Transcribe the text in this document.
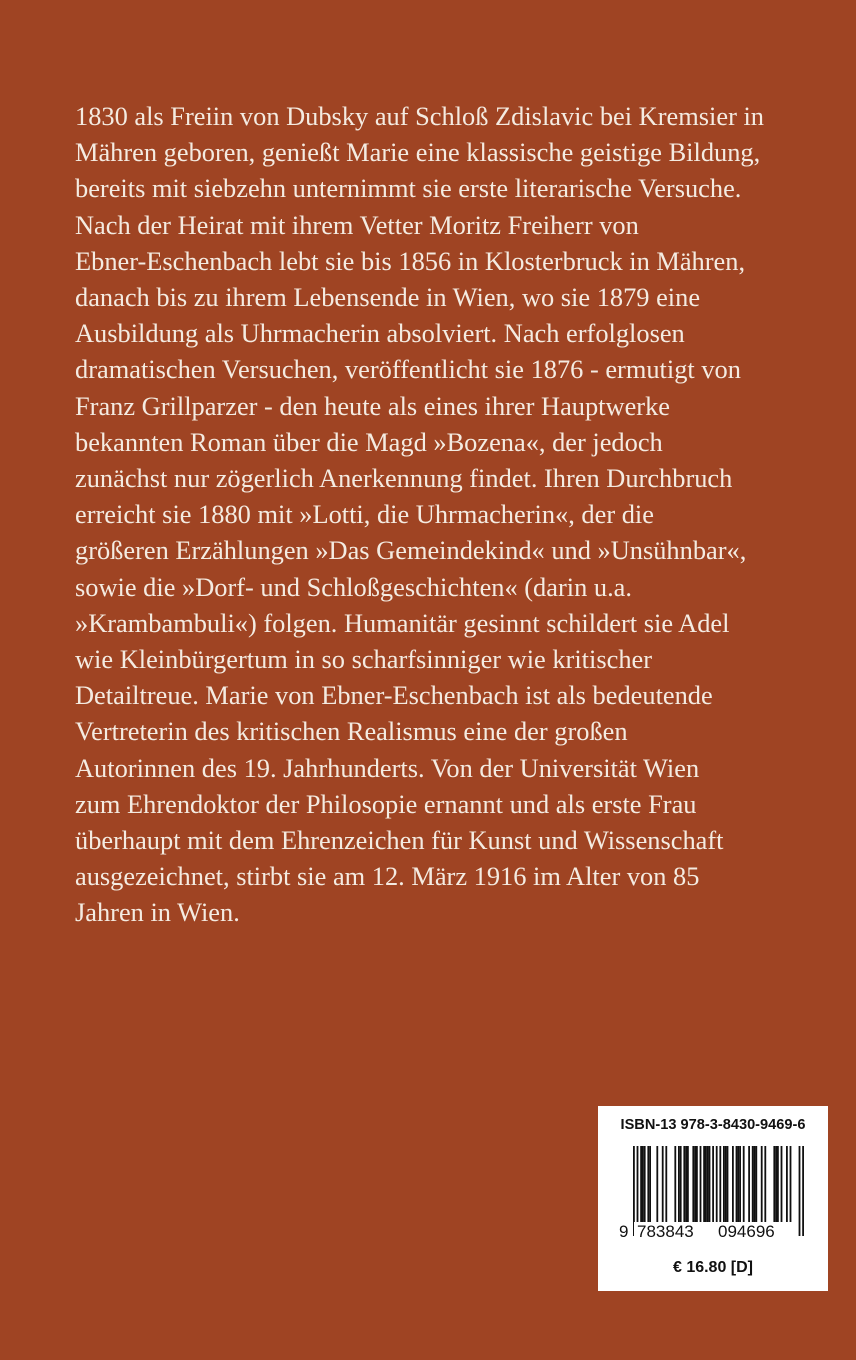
1830 als Freiin von Dubsky auf Schloß Zdislavic bei Kremsier in
Mähren geboren, genießt Marie eine klassische geistige Bildung,
bereits mit siebzehn unternimmt sie erste literarische Versuche.
Nach der Heirat mit ihrem Vetter Moritz Freiherr von
Ebner-Eschenbach lebt sie bis 1856 in Klosterbruck in Mähren,
danach bis zu ihrem Lebensende in Wien, wo sie 1879 eine
Ausbildung als Uhrmacherin absolviert. Nach erfolglosen
dramatischen Versuchen, veröffentlicht sie 1876 - ermutigt von
Franz Grillparzer - den heute als eines ihrer Hauptwerke
bekannten Roman über die Magd »Bozena«, der jedoch
zunächst nur zögerlich Anerkennung findet. Ihren Durchbruch
erreicht sie 1880 mit »Lotti, die Uhrmacherin«, der die
größeren Erzählungen »Das Gemeindekind« und »Unsühnbar«,
sowie die »Dorf- und Schloßgeschichten« (darin u.a.
»Krambambuli«) folgen. Humanitär gesinnt schildert sie Adel
wie Kleinbürgertum in so scharfsinniger wie kritischer
Detailtreue. Marie von Ebner-Eschenbach ist als bedeutende
Vertreterin des kritischen Realismus eine der großen
Autorinnen des 19. Jahrhunderts. Von der Universität Wien
zum Ehrendoktor der Philosopie ernannt und als erste Frau
überhaupt mit dem Ehrenzeichen für Kunst und Wissenschaft
ausgezeichnet, stirbt sie am 12. März 1916 im Alter von 85
Jahren in Wien.
ISBN-13 978-3-8430-9469-6
9 783843 094696
€ 16.80 [D]
